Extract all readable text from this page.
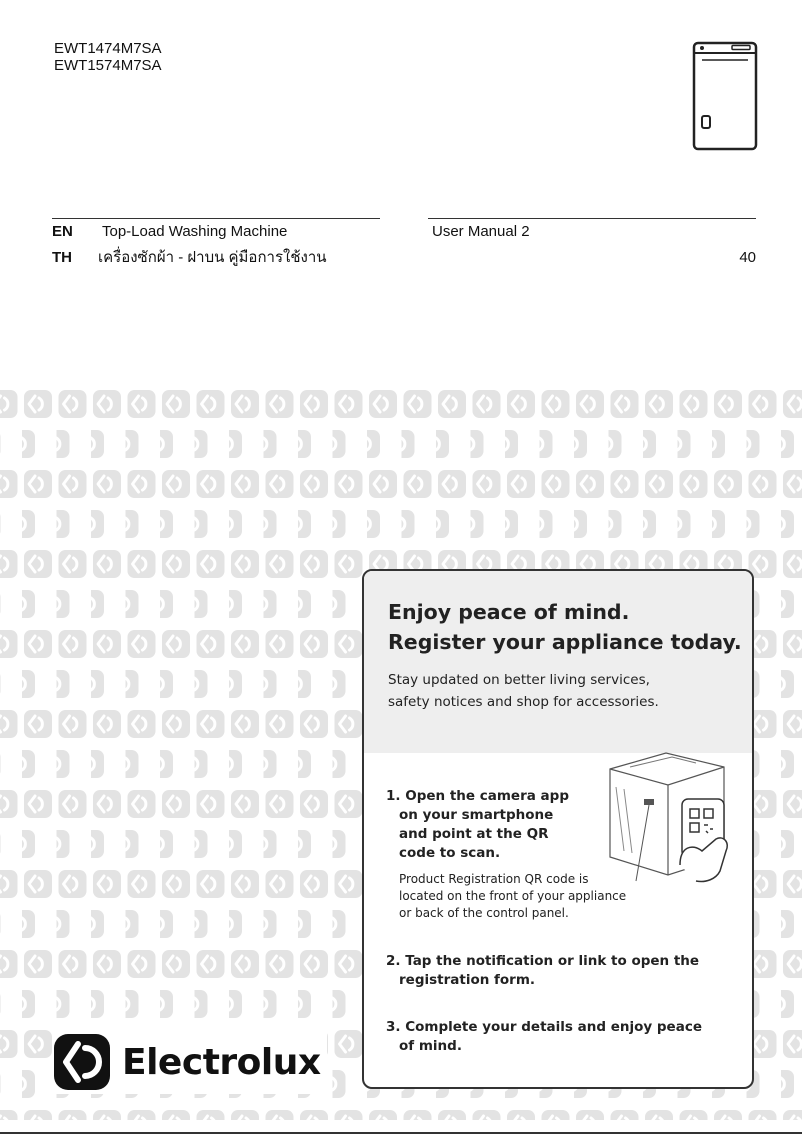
EWT1474M7SA
EWT1574M7SA
EN Top-Load Washing Machine	User Manual 2
TH เครื่องซักผ้า - ฝาบน คู่มือการใช้งาน	40
Electrolux
Enjoy peace of mind.
Register your appliance today.
Stay updated on better living services,
safety notices and shop for accessories.
1. Open the camera app
on your smartphone
and point at the QR
code to scan.
Product Registration QR code is
located on the front of your appliance
or back of the control panel.
2. Tap the notification or link to open the
registration form.
3. Complete your details and enjoy peace
of mind.
